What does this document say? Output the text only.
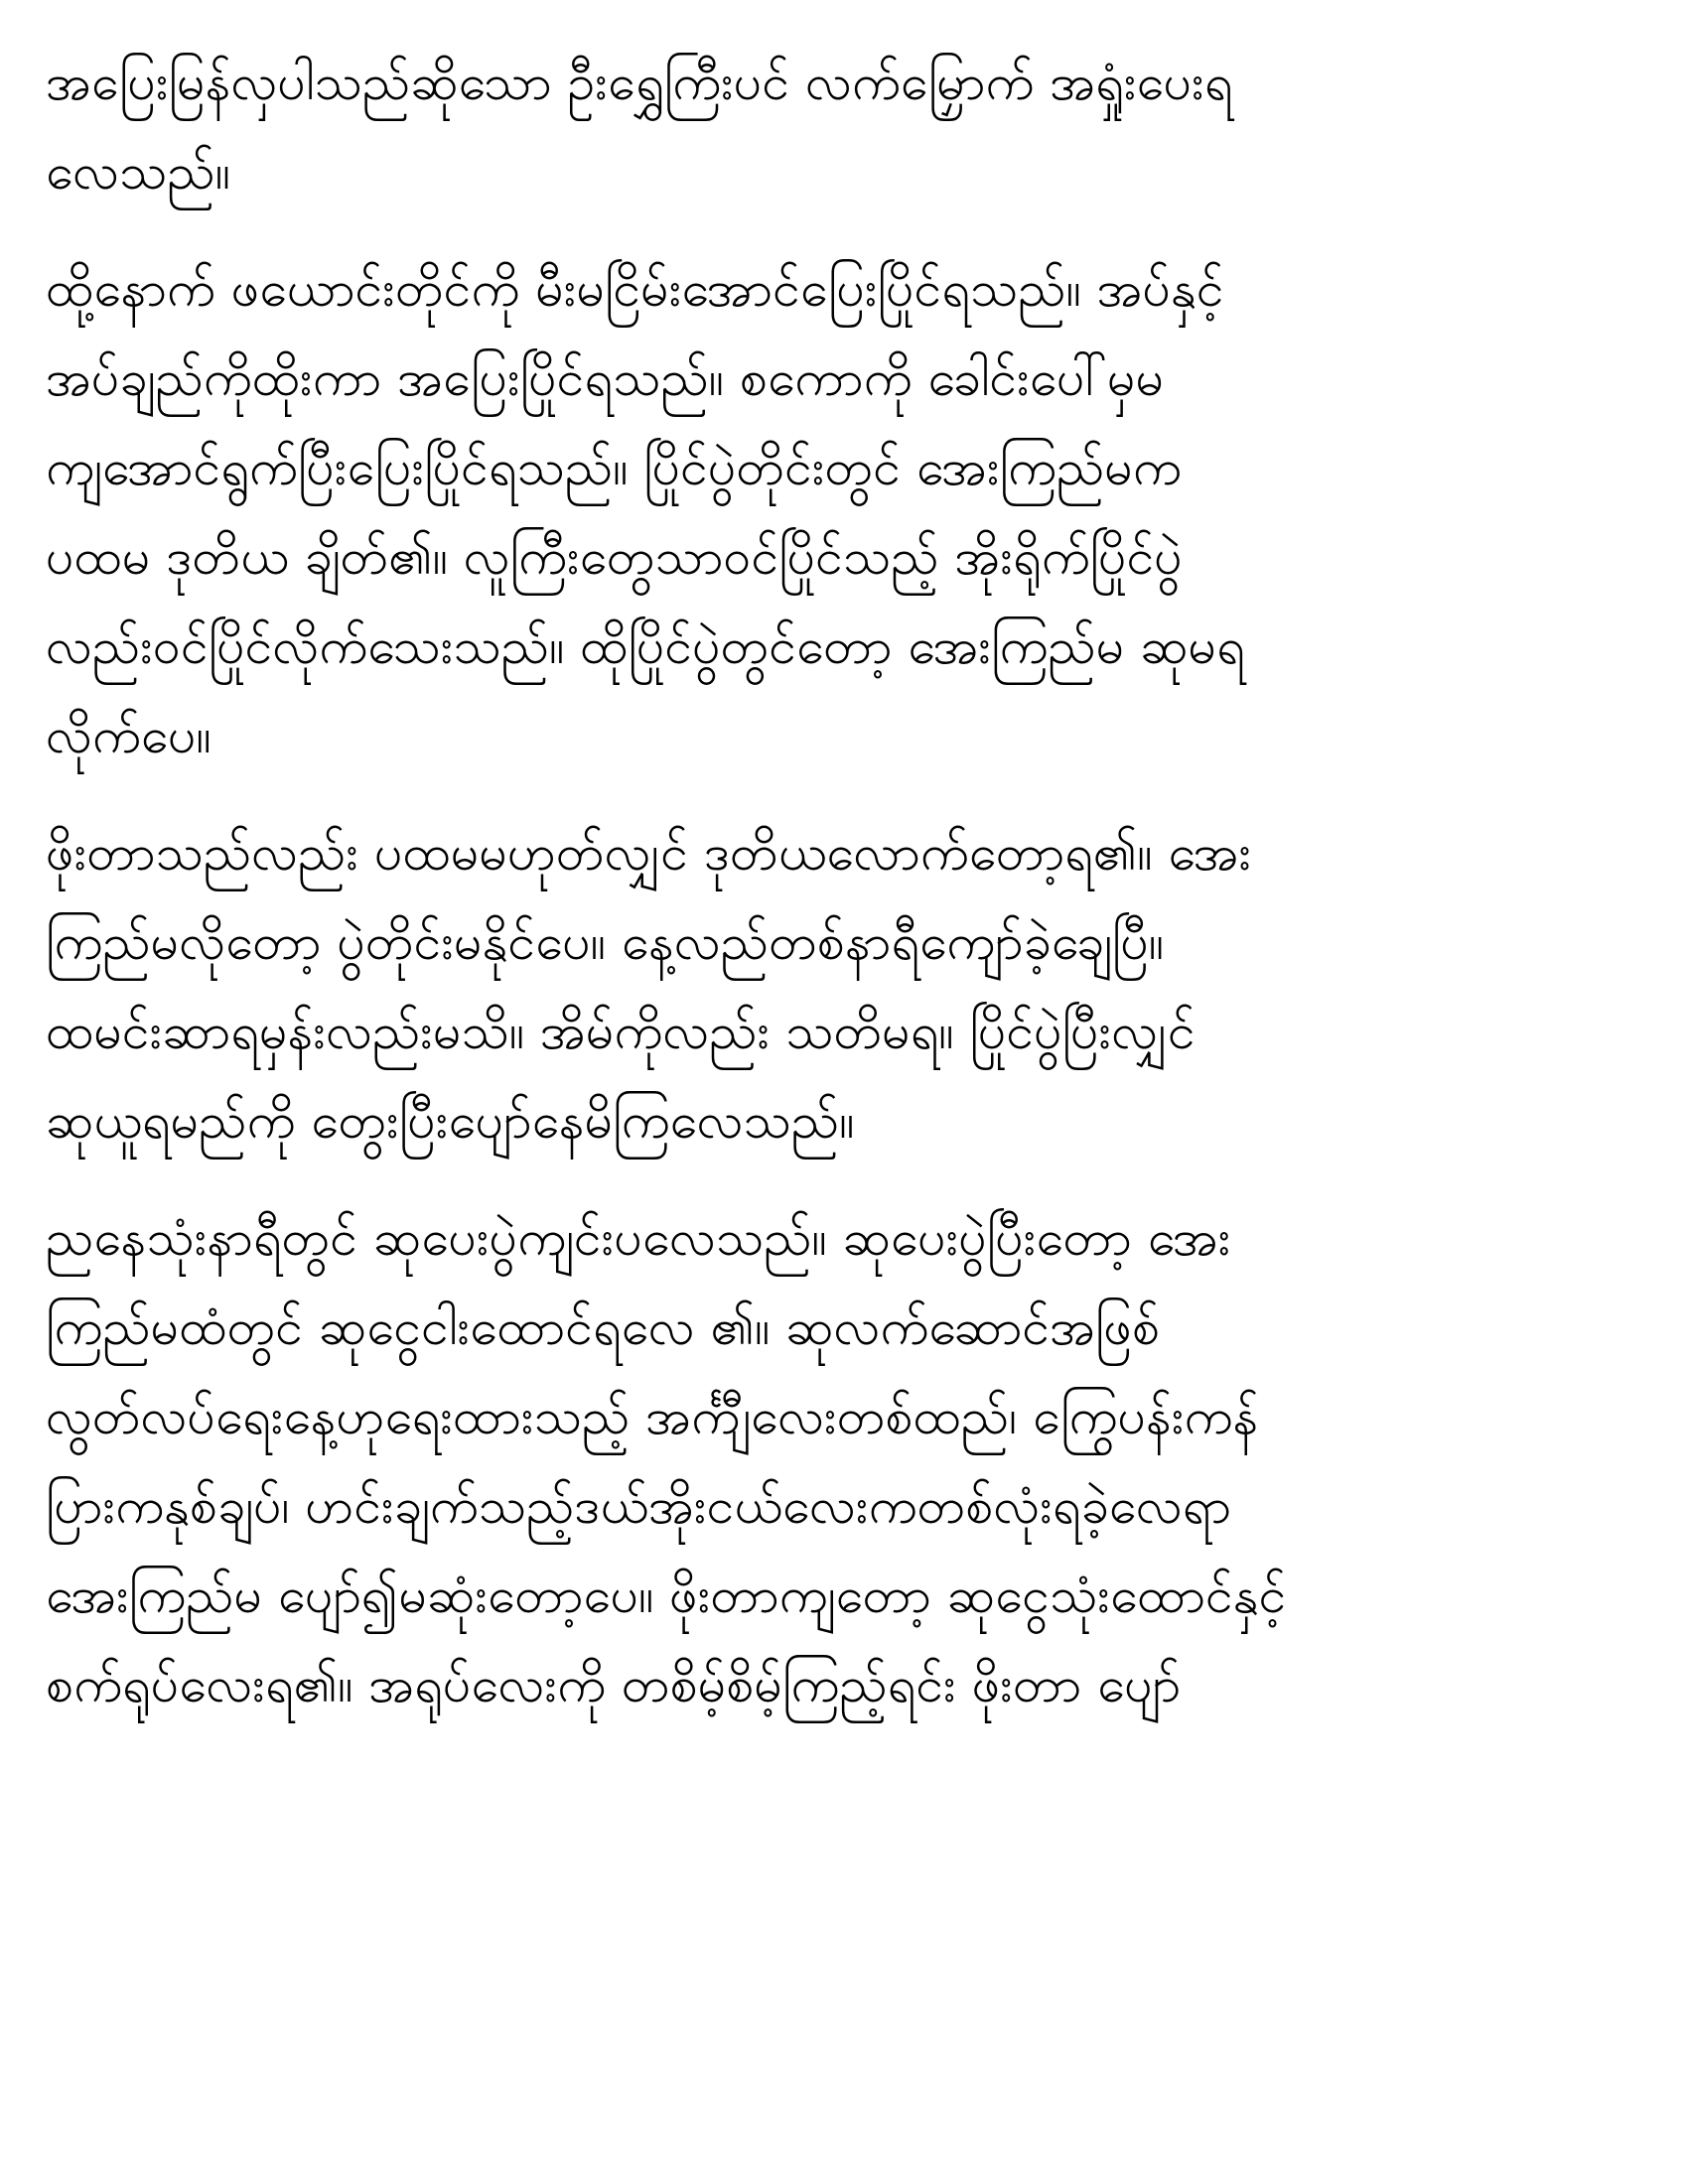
အပြေးမြန်လှပါသည်ဆိုသော ဦးရွှေကြီးပင် လက်မြှောက် အရှုံးပေးရ
လေသည်။
ထို့နောက် ဖယောင်းတိုင်ကို မီးမငြိမ်းအောင်ပြေးပြိုင်ရသည်။ အပ်နှင့်
အပ်ချည်ကိုထိုးကာ အပြေးပြိုင်ရသည်။ စကောကို ခေါင်းပေါ်မှမ
ကျအောင်ရွက်ပြီးပြေးပြိုင်ရသည်။ ပြိုင်ပွဲတိုင်းတွင် အေးကြည်မက
ပထမ ဒုတိယ ချိတ်၏။ လူကြီးတွေသာဝင်ပြိုင်သည့် အိုးရိုက်ပြိုင်ပွဲ
လည်းဝင်ပြိုင်လိုက်သေးသည်။ ထိုပြိုင်ပွဲတွင်တော့ အေးကြည်မ ဆုမရ
လိုက်ပေ။
ဖိုးတာသည်လည်း ပထမမဟုတ်လျှင် ဒုတိယလောက်တော့ရ၏။ အေး
ကြည်မလိုတော့ ပွဲတိုင်းမနိုင်ပေ။ နေ့လည်တစ်နာရီကျော်ခဲ့ချေပြီ။
ထမင်းဆာရမှန်းလည်းမသိ။ အိမ်ကိုလည်း သတိမရ။ ပြိုင်ပွဲပြီးလျှင်
ဆုယူရမည်ကို တွေးပြီးပျော်နေမိကြလေသည်။
ညနေသုံးနာရီတွင် ဆုပေးပွဲကျင်းပလေသည်။ ဆုပေးပွဲပြီးတော့ အေး
ကြည်မထံတွင် ဆုငွေငါးထောင်ရလေ ၏။ ဆုလက်ဆောင်အဖြစ်
လွတ်လပ်ရေးနေ့ဟုရေးထားသည့် အင်္ကျီလေးတစ်ထည်၊ ကြွေပန်းကန်
ပြားကနုစ်ချပ်၊ ဟင်းချက်သည့်ဒယ်အိုးငယ်လေးကတစ်လုံးရခဲ့လေရာ
အေးကြည်မ ပျော်၍မဆုံးတော့ပေ။ ဖိုးတာကျတော့ ဆုငွေသုံးထောင်နှင့်
စက်ရုပ်လေးရ၏။ အရုပ်လေးကို တစိမ့်စိမ့်ကြည့်ရင်း ဖိုးတာ ပျော်
